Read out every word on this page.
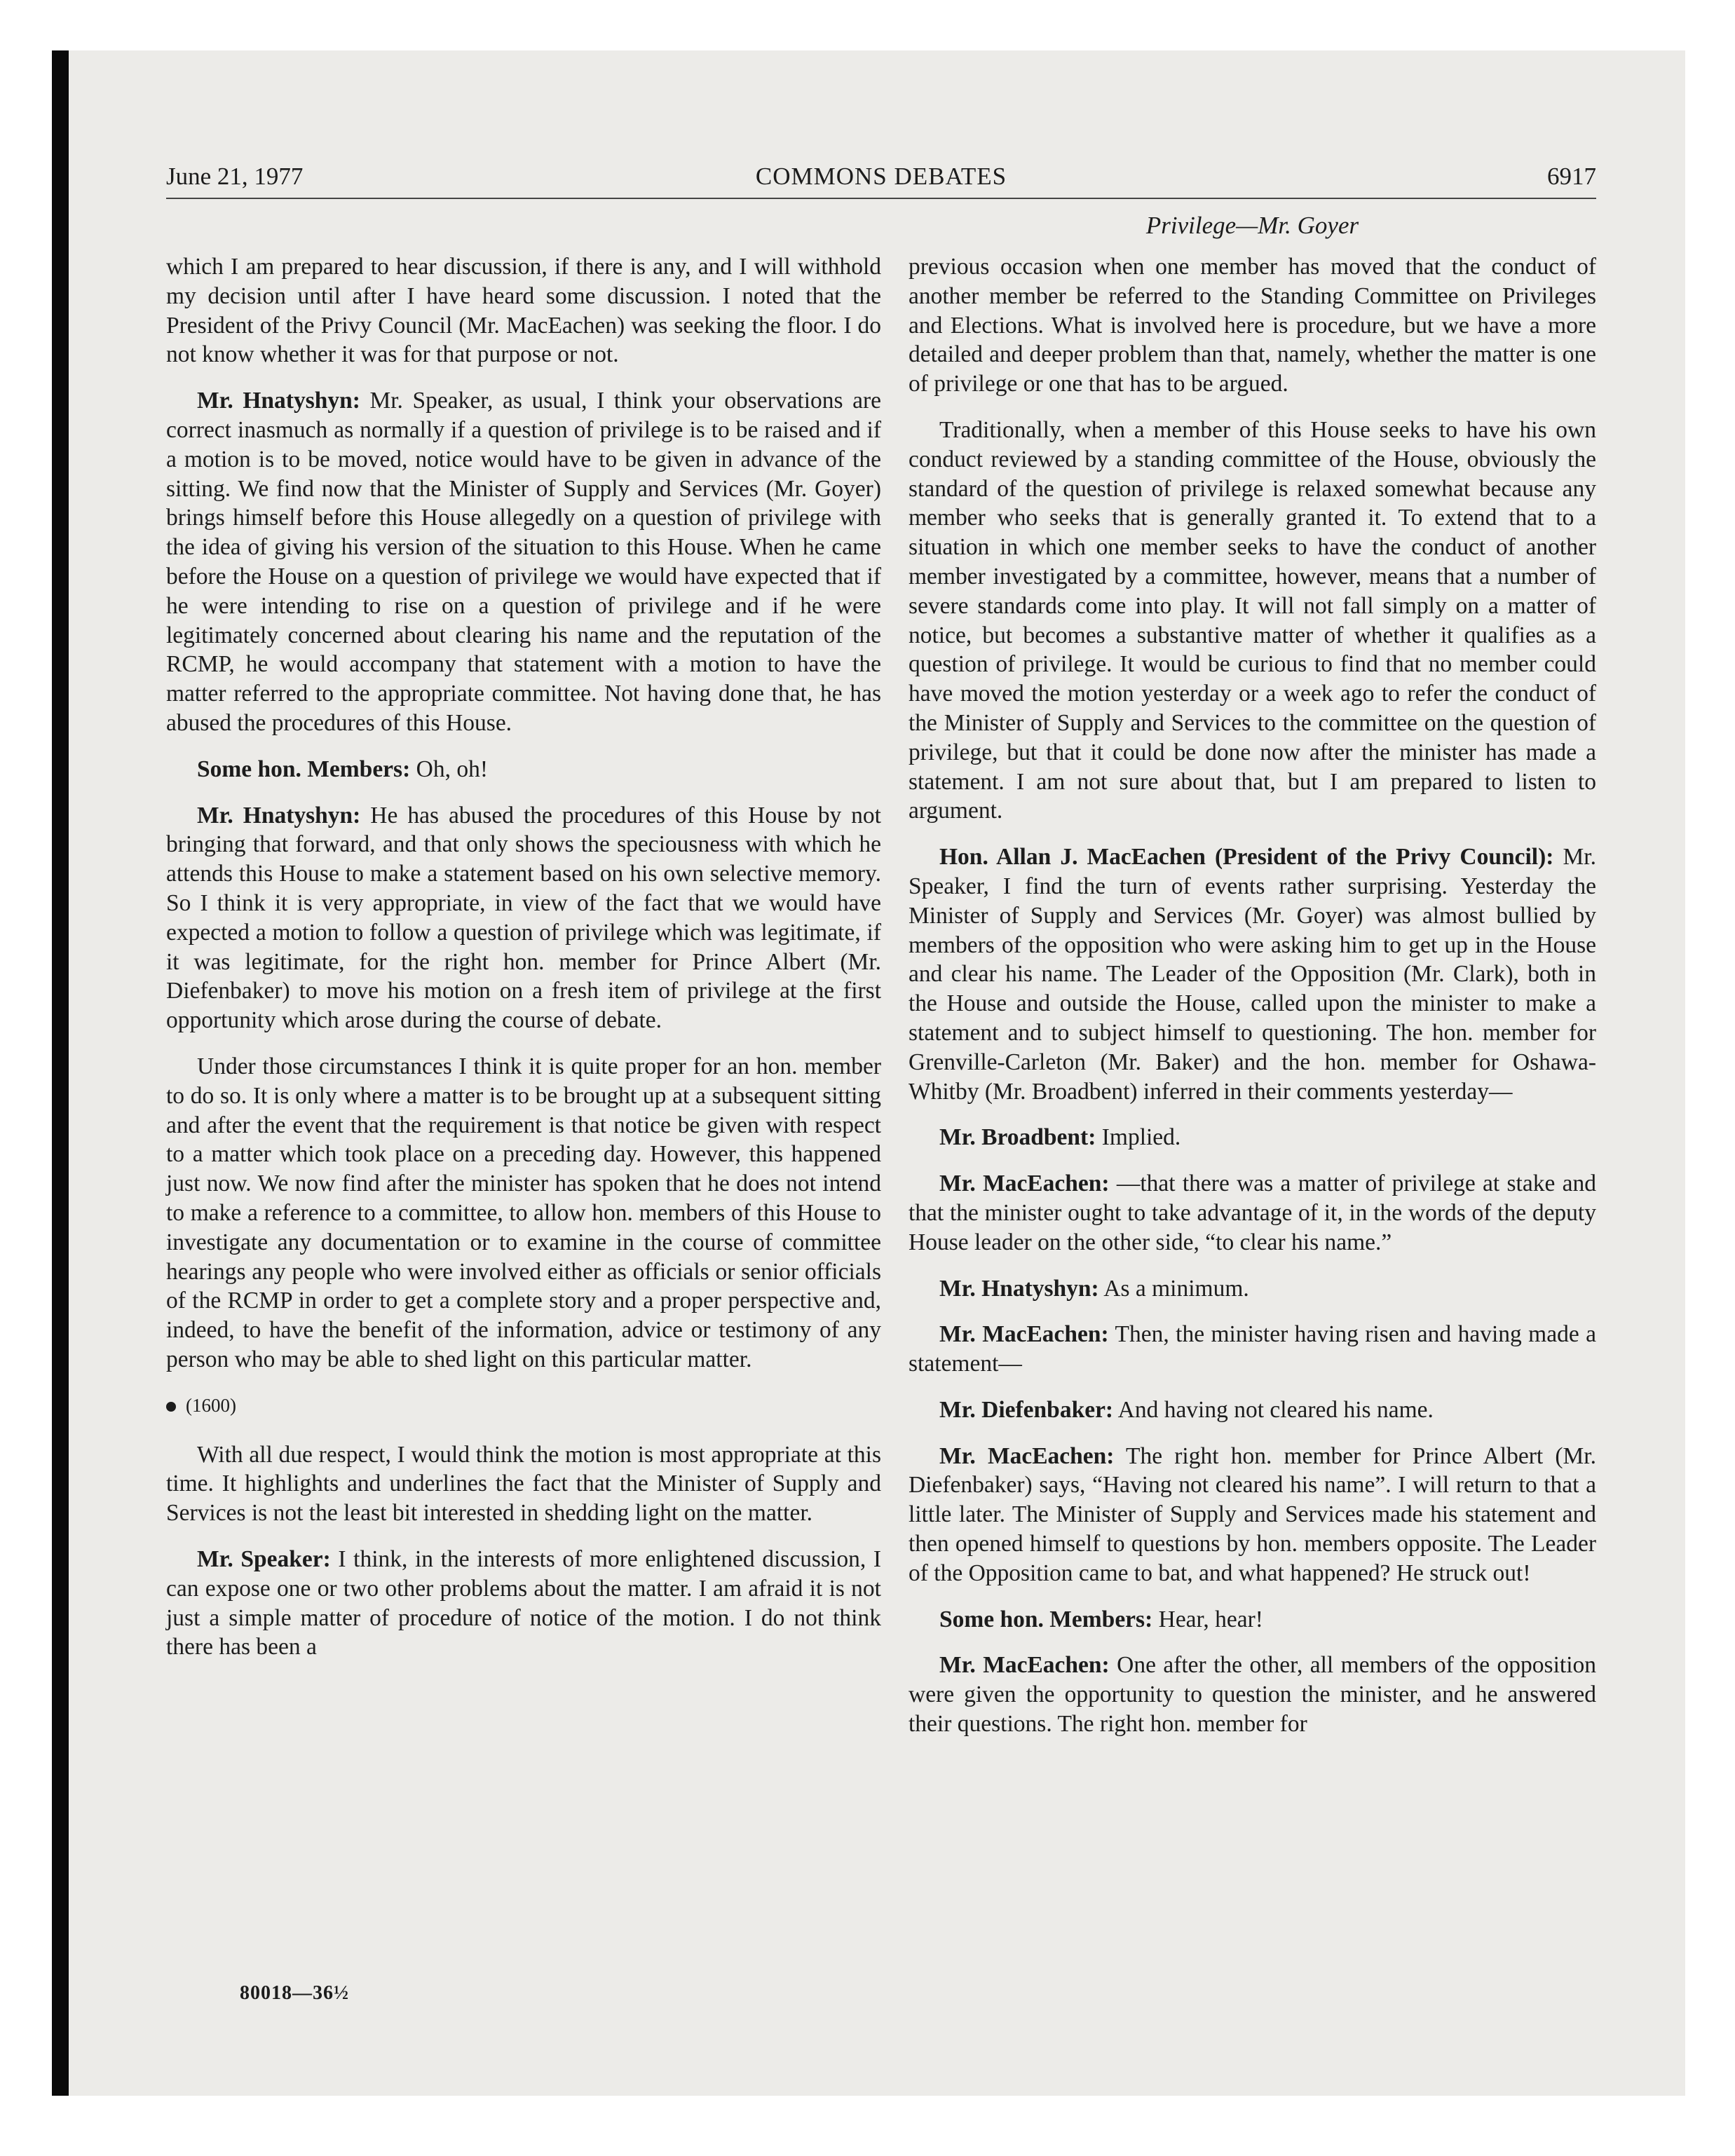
June 21, 1977	COMMONS DEBATES	6917
Privilege—Mr. Goyer

which I am prepared to hear discussion, if there is any, and I will withhold my decision until after I have heard some discussion. I noted that the President of the Privy Council (Mr. MacEachen) was seeking the floor. I do not know whether it was for that purpose or not.

Mr. Hnatyshyn: Mr. Speaker, as usual, I think your observations are correct inasmuch as normally if a question of privilege is to be raised and if a motion is to be moved, notice would have to be given in advance of the sitting. We find now that the Minister of Supply and Services (Mr. Goyer) brings himself before this House allegedly on a question of privilege with the idea of giving his version of the situation to this House. When he came before the House on a question of privilege we would have expected that if he were intending to rise on a question of privilege and if he were legitimately concerned about clearing his name and the reputation of the RCMP, he would accompany that statement with a motion to have the matter referred to the appropriate committee. Not having done that, he has abused the procedures of this House.

Some hon. Members: Oh, oh!

Mr. Hnatyshyn: He has abused the procedures of this House by not bringing that forward, and that only shows the speciousness with which he attends this House to make a statement based on his own selective memory. So I think it is very appropriate, in view of the fact that we would have expected a motion to follow a question of privilege which was legitimate, if it was legitimate, for the right hon. member for Prince Albert (Mr. Diefenbaker) to move his motion on a fresh item of privilege at the first opportunity which arose during the course of debate.

Under those circumstances I think it is quite proper for an hon. member to do so. It is only where a matter is to be brought up at a subsequent sitting and after the event that the requirement is that notice be given with respect to a matter which took place on a preceding day. However, this happened just now. We now find after the minister has spoken that he does not intend to make a reference to a committee, to allow hon. members of this House to investigate any documentation or to examine in the course of committee hearings any people who were involved either as officials or senior officials of the RCMP in order to get a complete story and a proper perspective and, indeed, to have the benefit of the information, advice or testimony of any person who may be able to shed light on this particular matter.

(1600)

With all due respect, I would think the motion is most appropriate at this time. It highlights and underlines the fact that the Minister of Supply and Services is not the least bit interested in shedding light on the matter.

Mr. Speaker: I think, in the interests of more enlightened discussion, I can expose one or two other problems about the matter. I am afraid it is not just a simple matter of procedure of notice of the motion. I do not think there has been a

previous occasion when one member has moved that the conduct of another member be referred to the Standing Committee on Privileges and Elections. What is involved here is procedure, but we have a more detailed and deeper problem than that, namely, whether the matter is one of privilege or one that has to be argued.

Traditionally, when a member of this House seeks to have his own conduct reviewed by a standing committee of the House, obviously the standard of the question of privilege is relaxed somewhat because any member who seeks that is generally granted it. To extend that to a situation in which one member seeks to have the conduct of another member investigated by a committee, however, means that a number of severe standards come into play. It will not fall simply on a matter of notice, but becomes a substantive matter of whether it qualifies as a question of privilege. It would be curious to find that no member could have moved the motion yesterday or a week ago to refer the conduct of the Minister of Supply and Services to the committee on the question of privilege, but that it could be done now after the minister has made a statement. I am not sure about that, but I am prepared to listen to argument.

Hon. Allan J. MacEachen (President of the Privy Council): Mr. Speaker, I find the turn of events rather surprising. Yesterday the Minister of Supply and Services (Mr. Goyer) was almost bullied by members of the opposition who were asking him to get up in the House and clear his name. The Leader of the Opposition (Mr. Clark), both in the House and outside the House, called upon the minister to make a statement and to subject himself to questioning. The hon. member for Grenville-Carleton (Mr. Baker) and the hon. member for Oshawa-Whitby (Mr. Broadbent) inferred in their comments yesterday—

Mr. Broadbent: Implied.

Mr. MacEachen: —that there was a matter of privilege at stake and that the minister ought to take advantage of it, in the words of the deputy House leader on the other side, “to clear his name.”

Mr. Hnatyshyn: As a minimum.

Mr. MacEachen: Then, the minister having risen and having made a statement—

Mr. Diefenbaker: And having not cleared his name.

Mr. MacEachen: The right hon. member for Prince Albert (Mr. Diefenbaker) says, “Having not cleared his name”. I will return to that a little later. The Minister of Supply and Services made his statement and then opened himself to questions by hon. members opposite. The Leader of the Opposition came to bat, and what happened? He struck out!

Some hon. Members: Hear, hear!

Mr. MacEachen: One after the other, all members of the opposition were given the opportunity to question the minister, and he answered their questions. The right hon. member for

80018—36½
